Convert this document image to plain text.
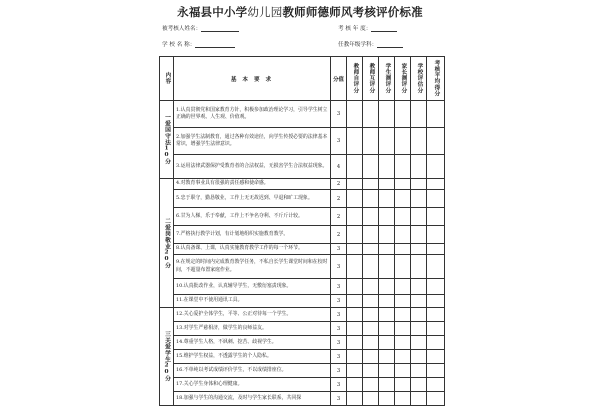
永福县中小学幼儿园教师师德师风考核评价标准
被考核人姓名：	考 核 年 度：
学 校 名 称：	任教年级学科：
内容	基 本 要 求	分值	教师自评分	教师互评分	学生测评分	家长测评分	学校评估分	考核平均得分

一爱国守法10分	1.认真贯彻党和国家教育方针，积极参加政治理论学习，引导学生树立正确的世界观、人生观、价值观。	3						
	2.加强学生法制教育，通过各种有效途径，向学生传授必要的法律基本常识，增强学生法律意识。	3						
	3.运用法律武器保护受教育者的合法权益，无损害学生合法权益现象。	4						

二爱岗敬业20分	4.对教育事业具有很强的责任感和使命感。	2						
	5.忠于职守，勤恳敬业，工作上无无故迟到、早退和旷工现象。	2						
	6.甘为人梯，乐于奉献，工作上不争名夺利、不斤斤计较。	2						
	7.严格执行教学计划，有计划地组织实施教育教学。	2						
	8.认真备课、上课，认真实施教育教学工作的每一个环节。	3						
	9.在规定的时间内完成教育教学任务，不私自长学生课堂时间和在校时间，不超量布置家庭作业。	3						
	10.认真批改作业，认真辅导学生，无敷衍塞责现象。	3						
	11.在课堂中不使用通讯工具。	3						

三关爱学生20分	12.关心爱护全体学生，平等、公正对待每一个学生。	3						
	13.对学生严慈相济，做学生的良师益友。	3						
	14.尊重学生人格，不讽刺、挖苦、歧视学生。	3						
	15.维护学生权益，不透露学生的个人隐私。	3						
	16.不单纯以考试成绩评价学生，不以成绩排座位。	3						
	17.关心学生身体和心理健康。	3						
	18.加强与学生的沟通交流，及时与学生家长联系，共同探	3						
